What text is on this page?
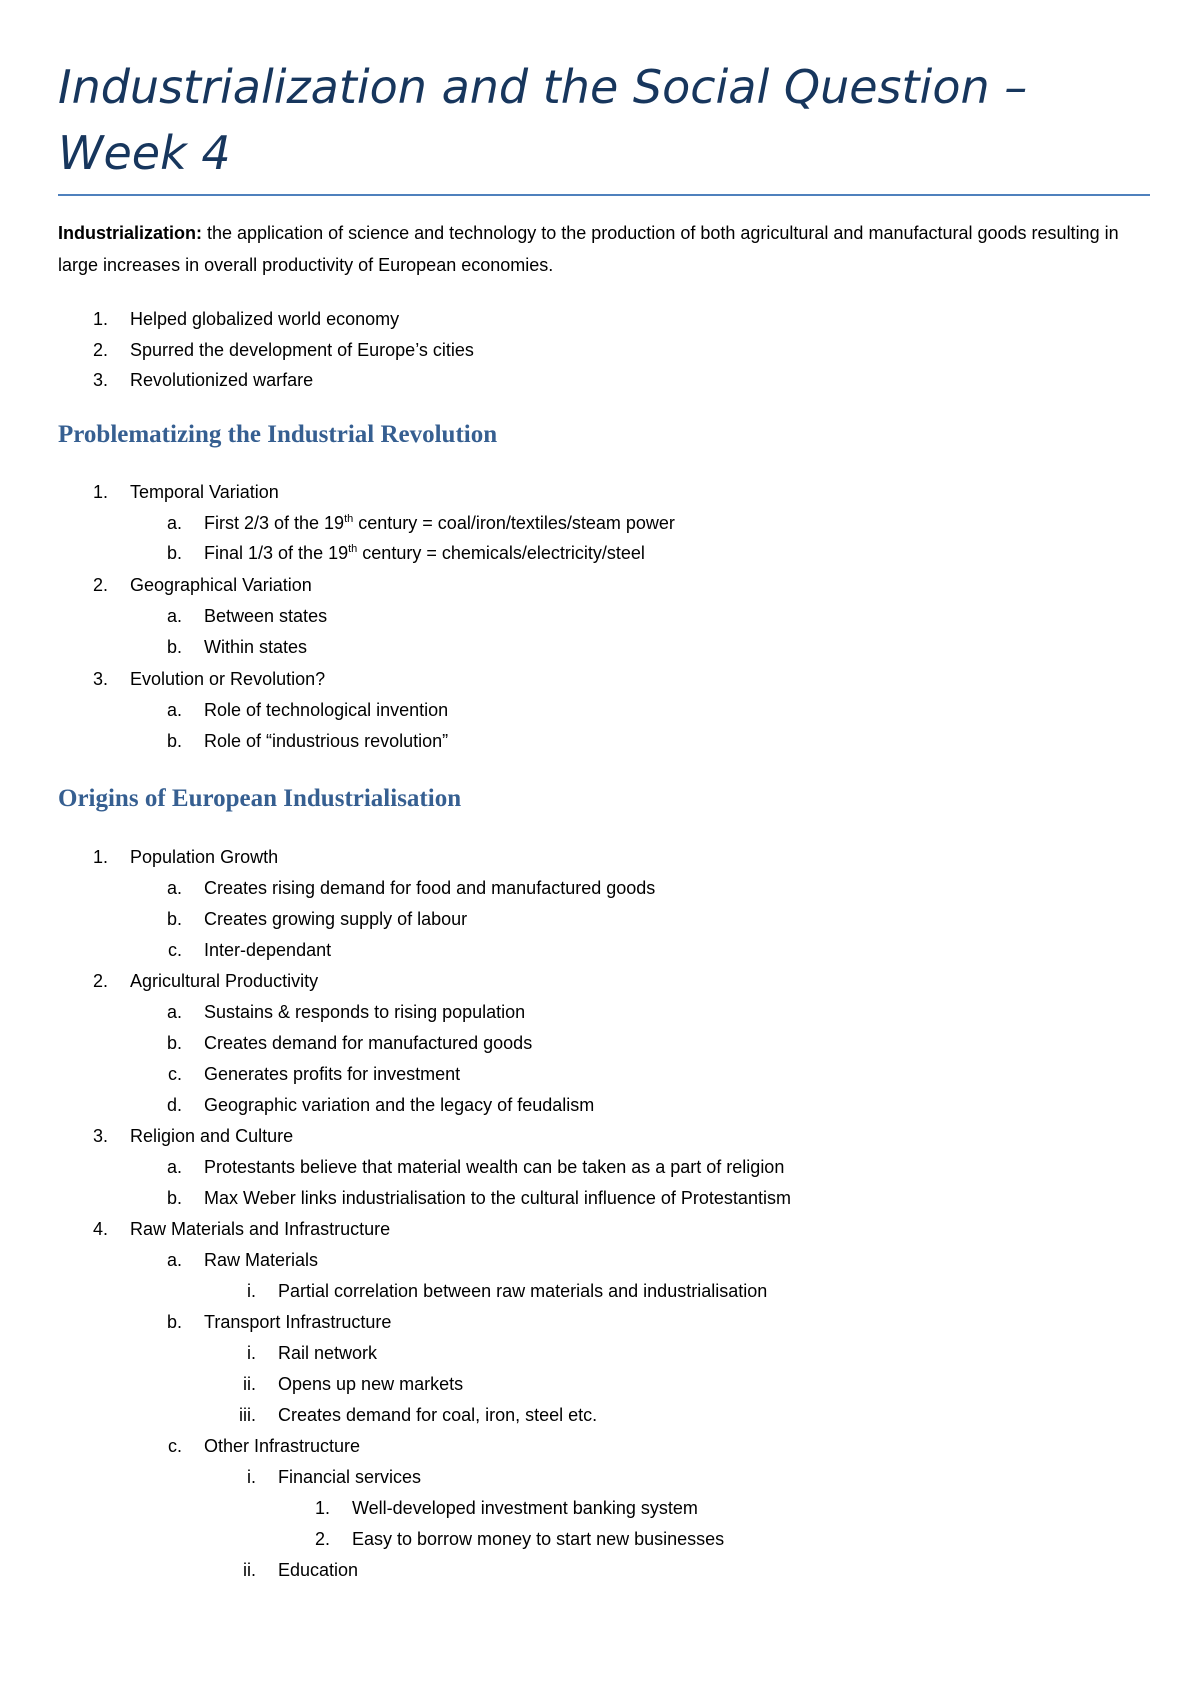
Industrialization and the Social Question – Week 4
Industrialization: the application of science and technology to the production of both agricultural and manufactural goods resulting in large increases in overall productivity of European economies.
1. Helped globalized world economy
2. Spurred the development of Europe’s cities
3. Revolutionized warfare
Problematizing the Industrial Revolution
1. Temporal Variation
a. First 2/3 of the 19th century = coal/iron/textiles/steam power
b. Final 1/3 of the 19th century = chemicals/electricity/steel
2. Geographical Variation
a. Between states
b. Within states
3. Evolution or Revolution?
a. Role of technological invention
b. Role of “industrious revolution”
Origins of European Industrialisation
1. Population Growth
a. Creates rising demand for food and manufactured goods
b. Creates growing supply of labour
c. Inter-dependant
2. Agricultural Productivity
a. Sustains & responds to rising population
b. Creates demand for manufactured goods
c. Generates profits for investment
d. Geographic variation and the legacy of feudalism
3. Religion and Culture
a. Protestants believe that material wealth can be taken as a part of religion
b. Max Weber links industrialisation to the cultural influence of Protestantism
4. Raw Materials and Infrastructure
a. Raw Materials
i. Partial correlation between raw materials and industrialisation
b. Transport Infrastructure
i. Rail network
ii. Opens up new markets
iii. Creates demand for coal, iron, steel etc.
c. Other Infrastructure
i. Financial services
1. Well-developed investment banking system
2. Easy to borrow money to start new businesses
ii. Education
